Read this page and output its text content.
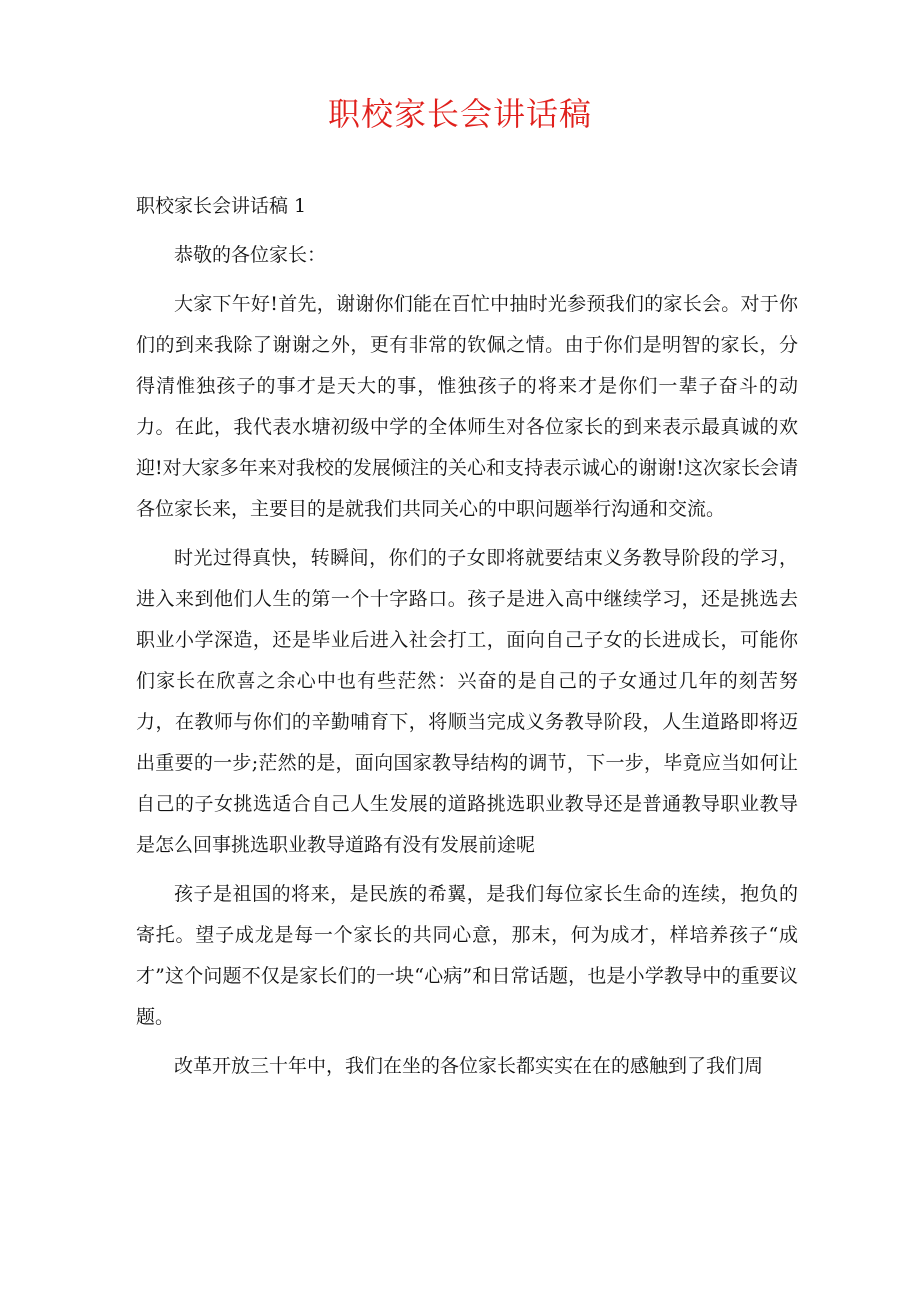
职校家长会讲话稿
职校家长会讲话稿 1

恭敬的各位家长：

大家下午好!首先，谢谢你们能在百忙中抽时光参预我们的家长会。对于你们的到来我除了谢谢之外，更有非常的钦佩之情。由于你们是明智的家长，分得清惟独孩子的事才是天大的事，惟独孩子的将来才是你们一辈子奋斗的动力。在此，我代表水塘初级中学的全体师生对各位家长的到来表示最真诚的欢迎!对大家多年来对我校的发展倾注的关心和支持表示诚心的谢谢!这次家长会请各位家长来，主要目的是就我们共同关心的中职问题举行沟通和交流。

时光过得真快，转瞬间，你们的子女即将就要结束义务教导阶段的学习，进入来到他们人生的第一个十字路口。孩子是进入高中继续学习，还是挑选去职业小学深造，还是毕业后进入社会打工，面向自己子女的长进成长，可能你们家长在欣喜之余心中也有些茫然：兴奋的是自己的子女通过几年的刻苦努力，在教师与你们的辛勤哺育下，将顺当完成义务教导阶段，人生道路即将迈出重要的一步;茫然的是，面向国家教导结构的调节，下一步，毕竟应当如何让自己的子女挑选适合自己人生发展的道路挑选职业教导还是普通教导职业教导是怎么回事挑选职业教导道路有没有发展前途呢

孩子是祖国的将来，是民族的希翼，是我们每位家长生命的连续，抱负的寄托。望子成龙是每一个家长的共同心意，那末，何为成才，样培养孩子“成才”这个问题不仅是家长们的一块“心病”和日常话题，也是小学教导中的重要议题。

改革开放三十年中，我们在坐的各位家长都实实在在的感触到了我们周
